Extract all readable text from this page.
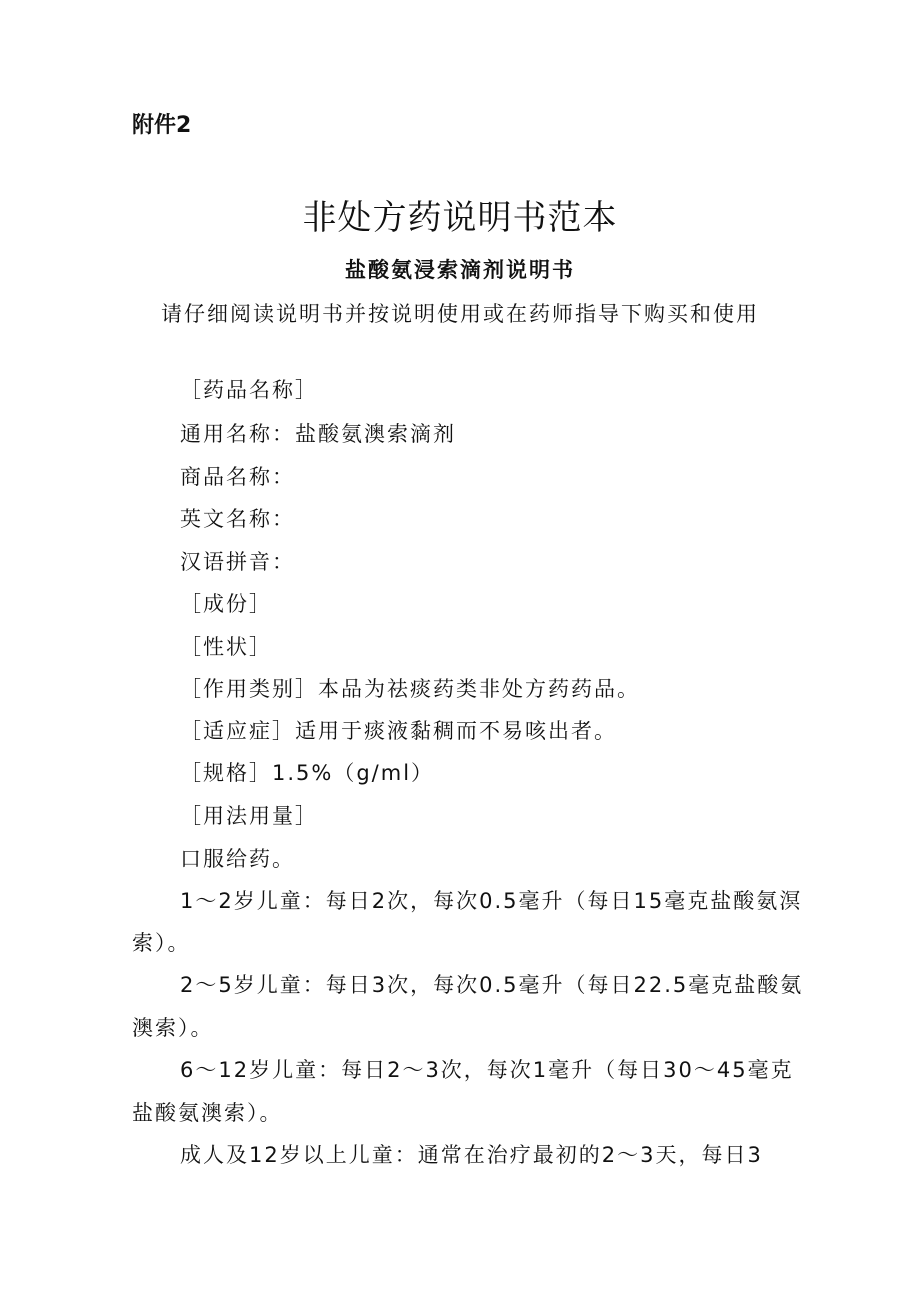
附件2
非处方药说明书范本
盐酸氨浸索滴剂说明书
请仔细阅读说明书并按说明使用或在药师指导下购买和使用
［药品名称］
通用名称：盐酸氨澳索滴剂
商品名称：
英文名称：
汉语拼音：
［成份］
［性状］
［作用类别］本品为祛痰药类非处方药药品。
［适应症］适用于痰液黏稠而不易咳出者。
［规格］1.5%（g/ml）
［用法用量］
口服给药。
1～2岁儿童：每日2次，每次0.5毫升（每日15毫克盐酸氨溟
索）。
2～5岁儿童：每日3次，每次0.5毫升（每日22.5毫克盐酸氨
澳索）。
6～12岁儿童：每日2～3次，每次1毫升（每日30～45毫克
盐酸氨澳索）。
成人及12岁以上儿童：通常在治疗最初的2～3天，每日3
